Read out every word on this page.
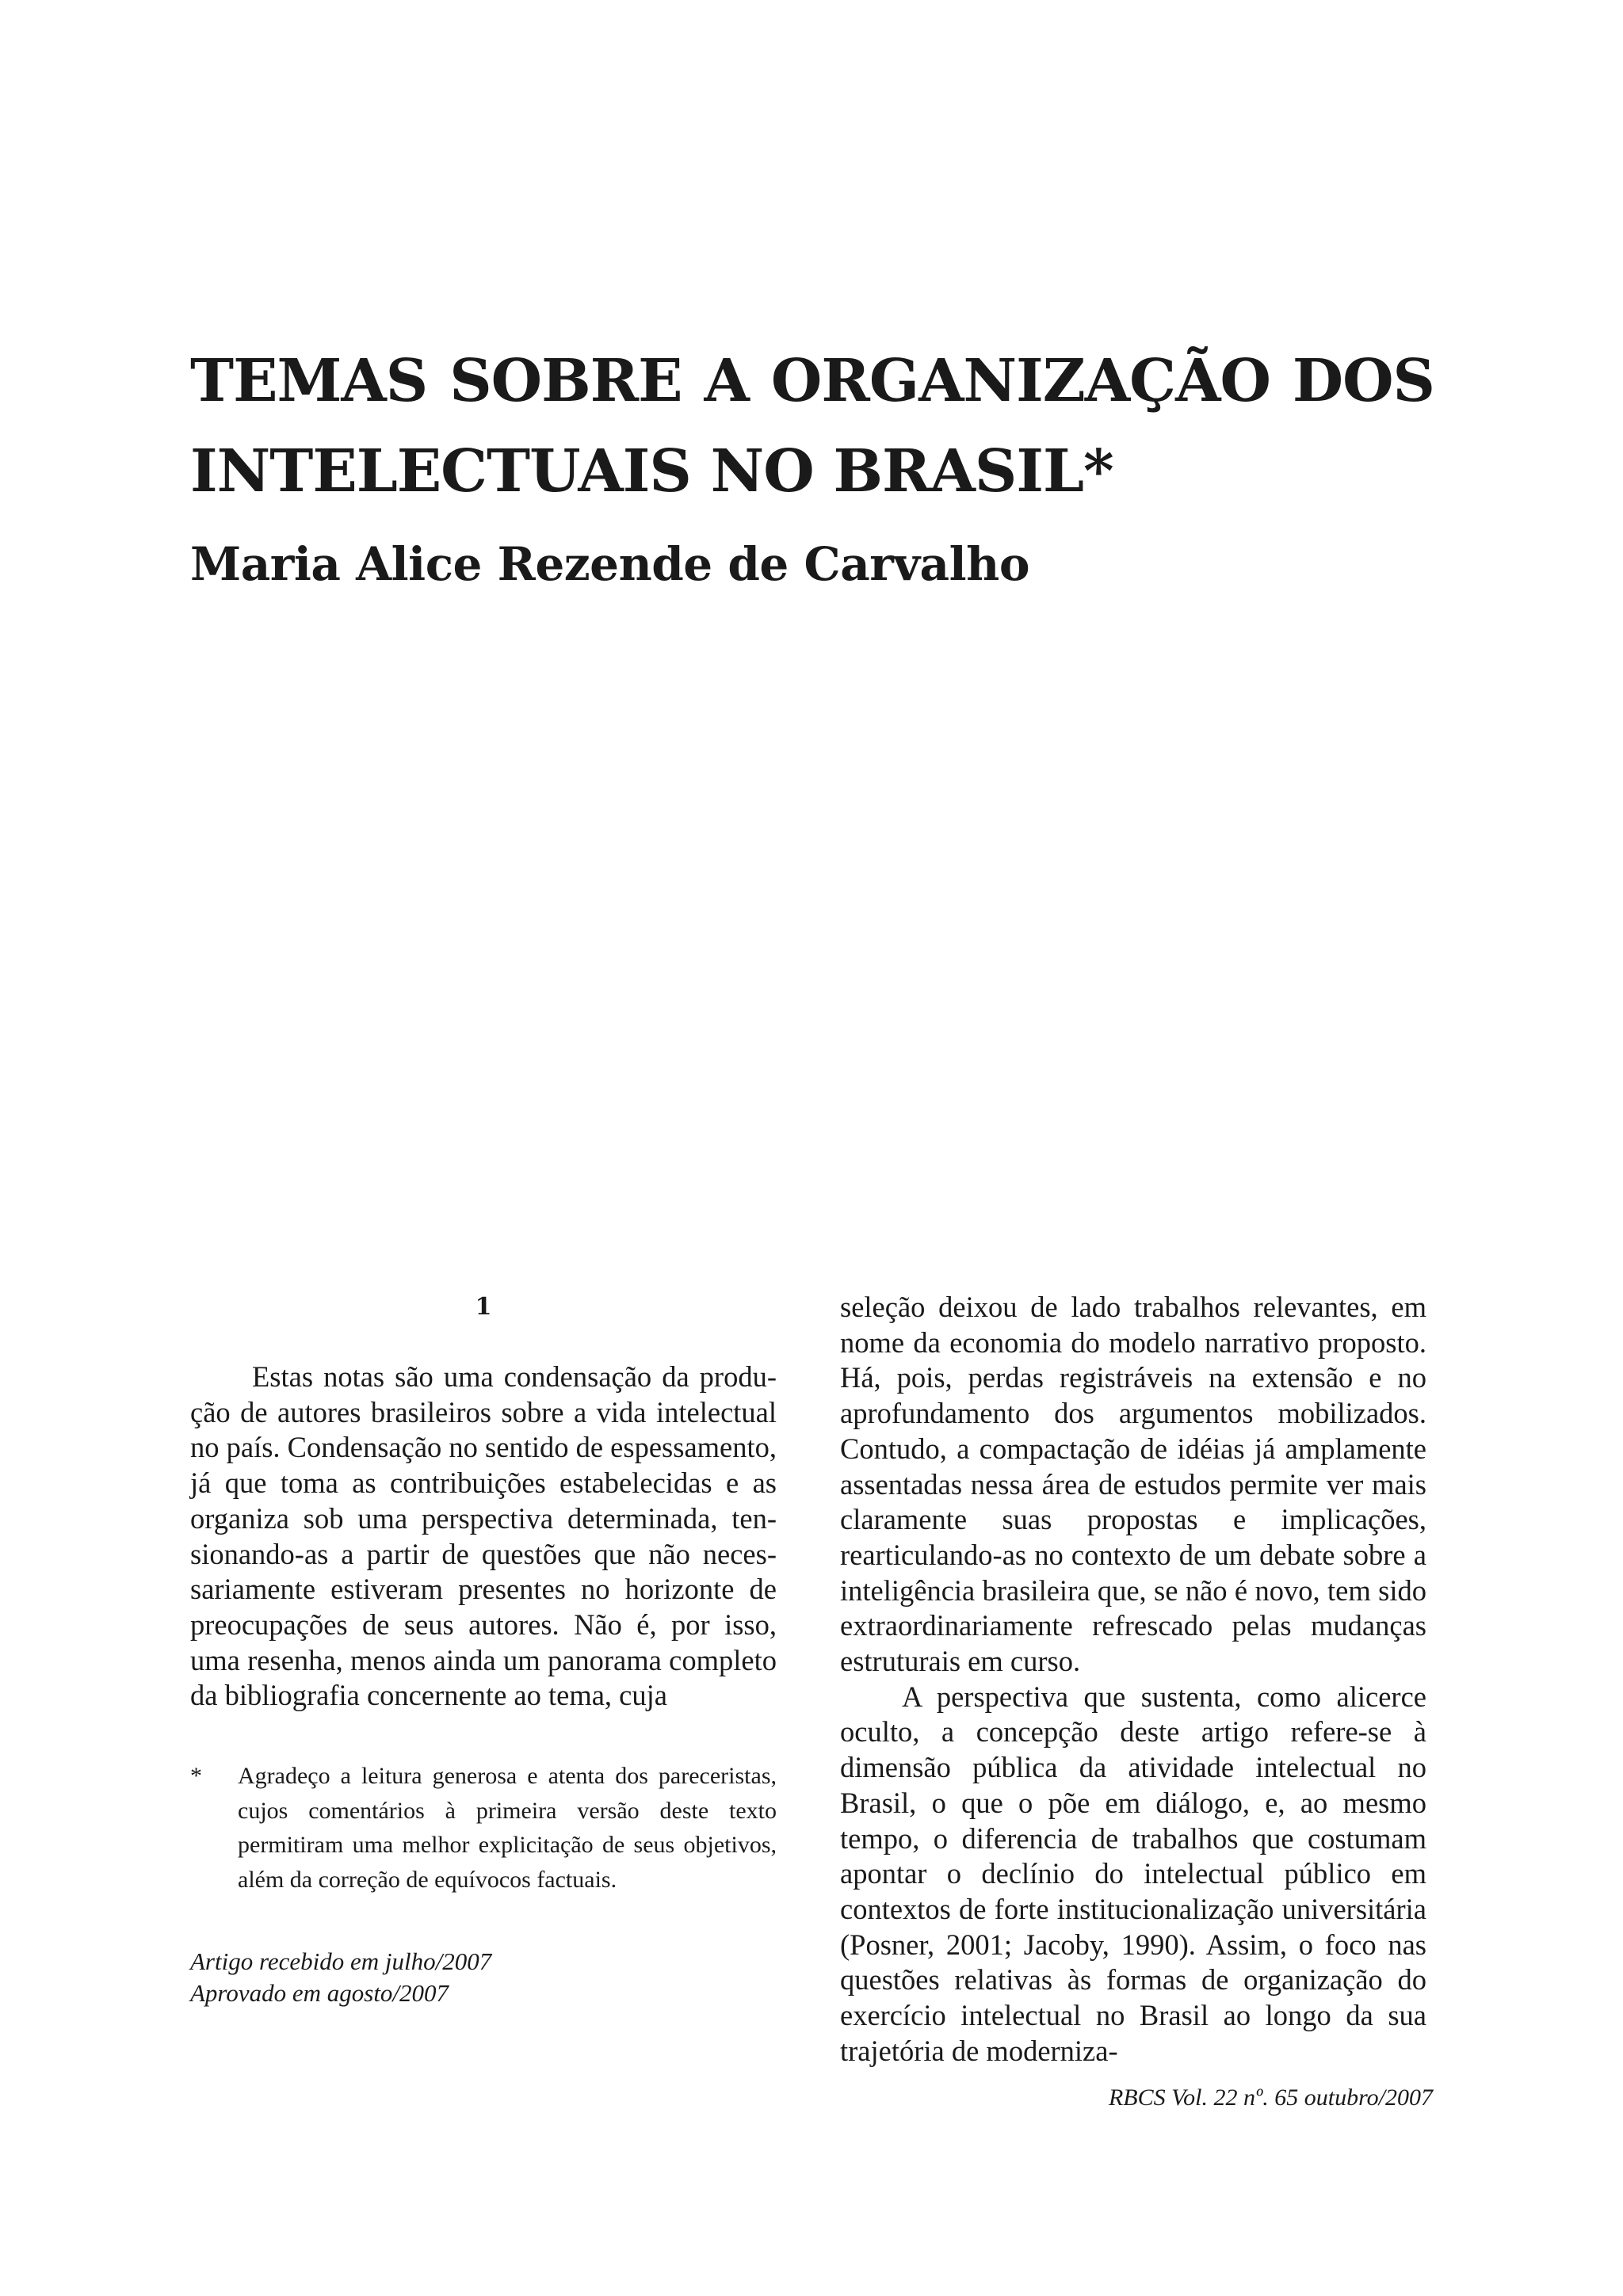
TEMAS SOBRE A ORGANIZAÇÃO DOS
INTELECTUAIS NO BRASIL*
Maria Alice Rezende de Carvalho
1

Estas notas são uma condensação da produção de autores brasileiros sobre a vida intelectual no país. Condensação no sentido de espessamento, já que toma as contribuições estabelecidas e as organiza sob uma perspectiva determinada, tensionando-as a partir de questões que não necessariamente estiveram presentes no horizonte de preocupações de seus autores. Não é, por isso, uma resenha, menos ainda um panorama completo da bibliografia concernente ao tema, cuja

* Agradeço a leitura generosa e atenta dos pareceristas, cujos comentários à primeira versão deste texto permitiram uma melhor explicitação de seus objetivos, além da correção de equívocos factuais.

Artigo recebido em julho/2007
Aprovado em agosto/2007

seleção deixou de lado trabalhos relevantes, em nome da economia do modelo narrativo proposto. Há, pois, perdas registráveis na extensão e no aprofundamento dos argumentos mobilizados. Contudo, a compactação de idéias já amplamente assentadas nessa área de estudos permite ver mais claramente suas propostas e implicações, rearticulando-as no contexto de um debate sobre a inteligência brasileira que, se não é novo, tem sido extraordinariamente refrescado pelas mudanças estruturais em curso.

A perspectiva que sustenta, como alicerce oculto, a concepção deste artigo refere-se à dimensão pública da atividade intelectual no Brasil, o que o põe em diálogo, e, ao mesmo tempo, o diferencia de trabalhos que costumam apontar o declínio do intelectual público em contextos de forte institucionalização universitária (Posner, 2001; Jacoby, 1990). Assim, o foco nas questões relativas às formas de organização do exercício intelectual no Brasil ao longo da sua trajetória de moderniza-

RBCS Vol. 22 nº. 65 outubro/2007
